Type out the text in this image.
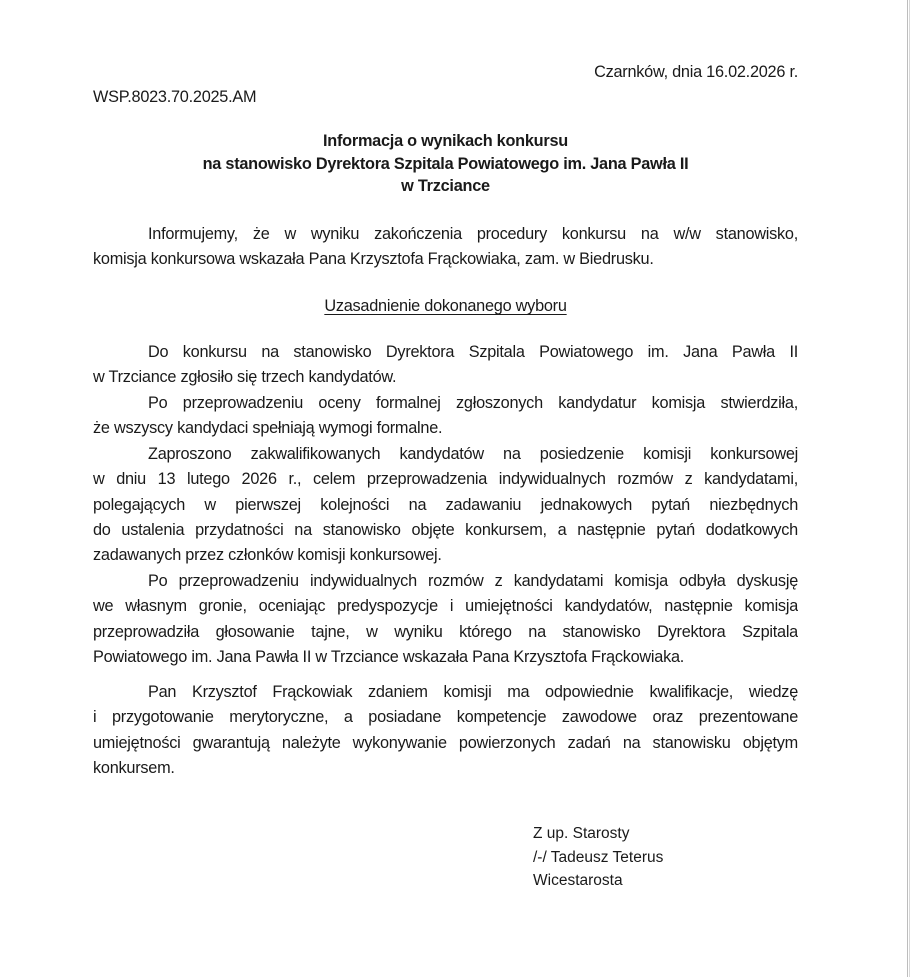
Czarnków, dnia 16.02.2026 r.
WSP.8023.70.2025.AM
Informacja o wynikach konkursu
na stanowisko Dyrektora Szpitala Powiatowego im. Jana Pawła II
w Trzciance
Informujemy, że w wyniku zakończenia procedury konkursu na w/w stanowisko,
komisja konkursowa wskazała Pana Krzysztofa Frąckowiaka, zam. w Biedrusku.
Uzasadnienie dokonanego wyboru
Do konkursu na stanowisko Dyrektora Szpitala Powiatowego im. Jana Pawła II
w Trzciance zgłosiło się trzech kandydatów.
Po przeprowadzeniu oceny formalnej zgłoszonych kandydatur komisja stwierdziła,
że wszyscy kandydaci spełniają wymogi formalne.
Zaproszono zakwalifikowanych kandydatów na posiedzenie komisji konkursowej
w dniu 13 lutego 2026 r., celem przeprowadzenia indywidualnych rozmów z kandydatami,
polegających w pierwszej kolejności na zadawaniu jednakowych pytań niezbędnych
do ustalenia przydatności na stanowisko objęte konkursem, a następnie pytań dodatkowych
zadawanych przez członków komisji konkursowej.
Po przeprowadzeniu indywidualnych rozmów z kandydatami komisja odbyła dyskusję
we własnym gronie, oceniając predyspozycje i umiejętności kandydatów, następnie komisja
przeprowadziła głosowanie tajne, w wyniku którego na stanowisko Dyrektora Szpitala
Powiatowego im. Jana Pawła II w Trzciance wskazała Pana Krzysztofa Frąckowiaka.
Pan Krzysztof Frąckowiak zdaniem komisji ma odpowiednie kwalifikacje, wiedzę
i przygotowanie merytoryczne, a posiadane kompetencje zawodowe oraz prezentowane
umiejętności gwarantują należyte wykonywanie powierzonych zadań na stanowisku objętym
konkursem.
Z up. Starosty
/-/ Tadeusz Teterus
Wicestarosta
